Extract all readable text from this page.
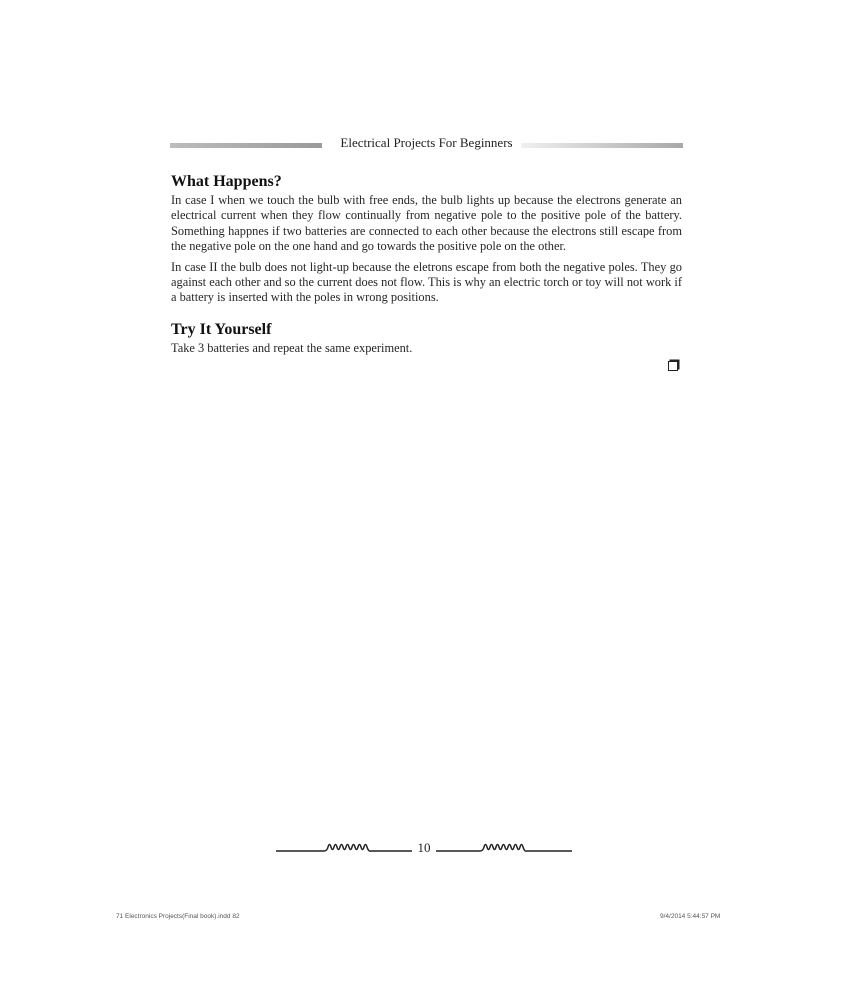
Electrical Projects For Beginners
What Happens?

In case I when we touch the bulb with free ends, the bulb lights up because the electrons generate an electrical current when they flow continually from negative pole to the positive pole of the battery. Something happnes if two batteries are connected to each other because the electrons still escape from the negative pole on the one hand and go towards the positive pole on the other.

In case II the bulb does not light-up because the eletrons escape from both the negative poles. They go against each other and so the current does not flow. This is why an electric torch or toy will not work if a battery is inserted with the poles in wrong positions.

Try It Yourself

Take 3 batteries and repeat the same experiment.

10
71 Electronics Projects(Final book).indd 82	9/4/2014 5:44:57 PM
